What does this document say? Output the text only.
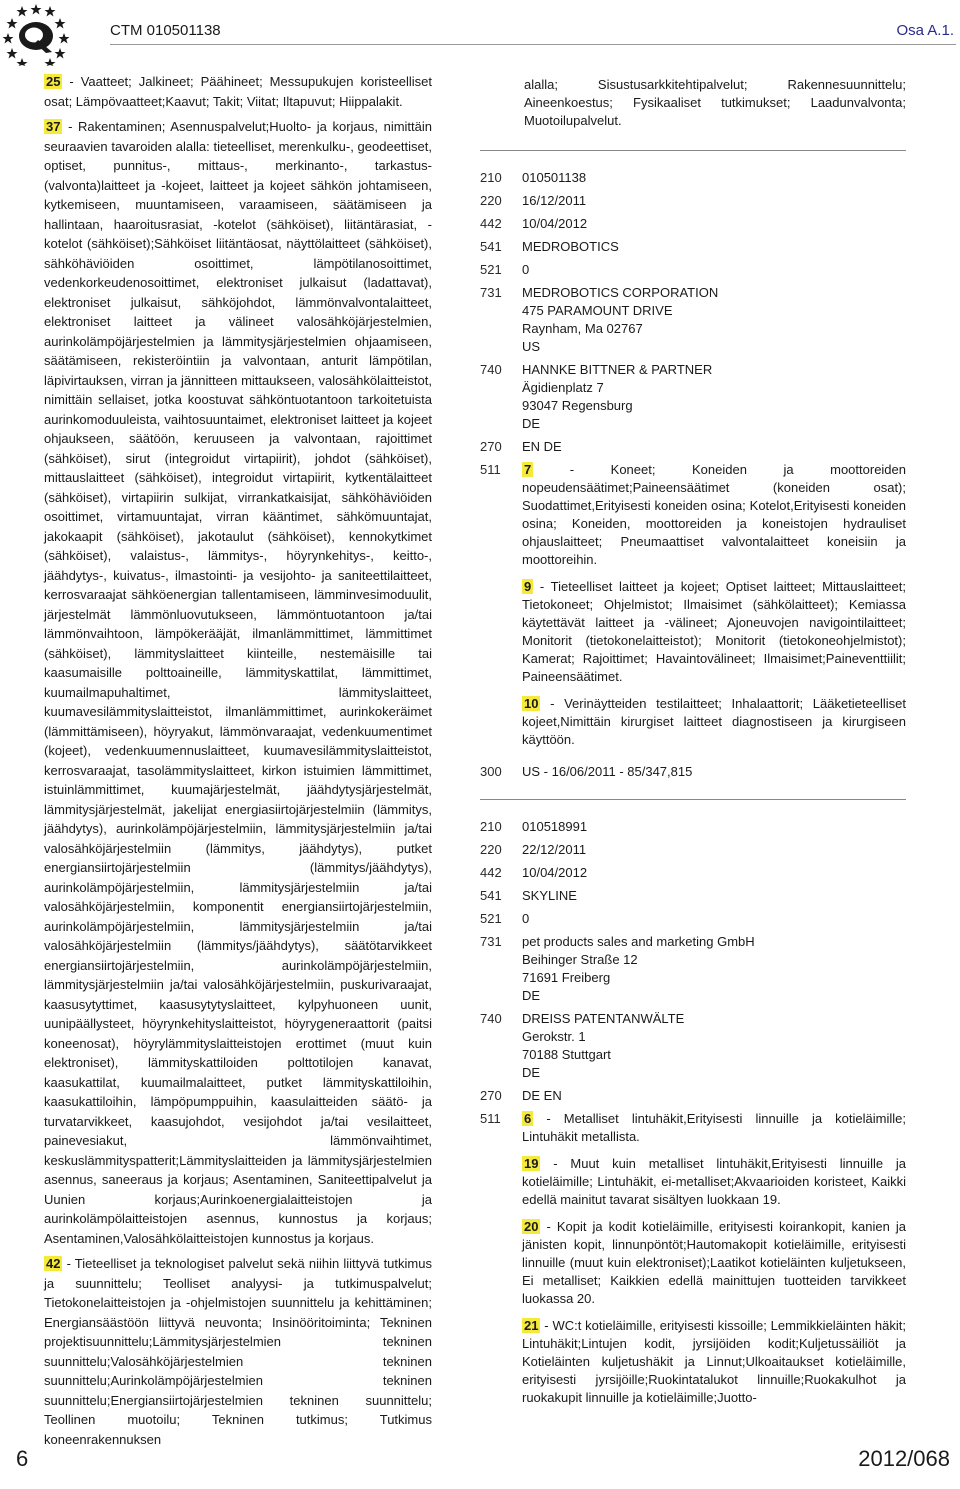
CTM 010501138	Osa A.1.

25 - Vaatteet; Jalkineet; Päähineet; Messupukujen koristeelliset osat; Lämpövaatteet;Kaavut; Takit; Viitat; Iltapuvut; Hiippalakit.

37 - Rakentaminen; Asennuspalvelut;Huolto- ja korjaus, nimittäin seuraavien tavaroiden alalla: tieteelliset, merenkulku-, geodeettiset, optiset, punnitus-, mittaus-, merkinanto-, tarkastus- (valvonta)laitteet ja -kojeet, laitteet ja kojeet sähkön johtamiseen, kytkemiseen, muuntamiseen, varaamiseen, säätämiseen ja hallintaan, haaroitusrasiat, -kotelot (sähköiset), liitäntärasiat, -kotelot (sähköiset);Sähköiset liitäntäosat, näyttölaitteet (sähköiset), sähköhäviöiden osoittimet, lämpötilanosoittimet, vedenkorkeudenosoittimet, elektroniset julkaisut (ladattavat), elektroniset julkaisut, sähköjohdot, lämmönvalvontalaitteet, elektroniset laitteet ja välineet valosähköjärjestelmien, aurinkolämpöjärjestelmien ja lämmitysjärjestelmien ohjaamiseen, säätämiseen, rekisteröintiin ja valvontaan, anturit lämpötilan, läpivirtauksen, virran ja jännitteen mittaukseen, valosähkölaitteistot, nimittäin sellaiset, jotka koostuvat sähköntuotantoon tarkoitetuista aurinkomoduuleista, vaihtosuuntaimet, elektroniset laitteet ja kojeet ohjaukseen, säätöön, keruuseen ja valvontaan, rajoittimet (sähköiset), sirut (integroidut virtapiirit), johdot (sähköiset), mittauslaitteet (sähköiset), integroidut virtapiirit, kytkentälaitteet (sähköiset), virtapiirin sulkijat, virrankatkaisijat, sähköhäviöiden osoittimet, virtamuuntajat, virran kääntimet, sähkömuuntajat, jakokaapit (sähköiset), jakotaulut (sähköiset), kennokytkimet (sähköiset), valaistus-, lämmitys-, höyrynkehitys-, keitto-, jäähdytys-, kuivatus-, ilmastointi- ja vesijohto- ja saniteettilaitteet, kerrosvaraajat sähköenergian tallentamiseen, lämminvesimoduulit, järjestelmät lämmönluovutukseen, lämmöntuotantoon ja/tai lämmönvaihtoon, lämpökerääjät, ilmanlämmittimet, lämmittimet (sähköiset), lämmityslaitteet kiinteille, nestemäisille tai kaasumaisille polttoaineille, lämmityskattilat, lämmittimet, kuumailmapuhaltimet, lämmityslaitteet, kuumavesilämmityslaitteistot, ilmanlämmittimet, aurinkokeräimet (lämmittämiseen), höyryakut, lämmönvaraajat, vedenkuumentimet (kojeet), vedenkuumennuslaitteet, kuumavesilämmityslaitteistot, kerrosvaraajat, tasolämmityslaitteet, kirkon istuimien lämmittimet, istuinlämmittimet, kuumajärjestelmät, jäähdytysjärjestelmät, lämmitysjärjestelmät, jakelijat energiasiirtojärjestelmiin (lämmitys, jäähdytys), aurinkolämpöjärjestelmiin, lämmitysjärjestelmiin ja/tai valosähköjärjestelmiin (lämmitys, jäähdytys), putket energiansiirtojärjestelmiin (lämmitys/jäähdytys), aurinkolämpöjärjestelmiin, lämmitysjärjestelmiin ja/tai valosähköjärjestelmiin, komponentit energiansiirtojärjestelmiin, aurinkolämpöjärjestelmiin, lämmitysjärjestelmiin ja/tai valosähköjärjestelmiin (lämmitys/jäähdytys), säätötarvikkeet energiansiirtojärjestelmiin, aurinkolämpöjärjestelmiin, lämmitysjärjestelmiin ja/tai valosähköjärjestelmiin, puskurivaraajat, kaasusytyttimet, kaasusytytyslaitteet, kylpyhuoneen uunit, uunipäällysteet, höyrynkehityslaitteistot, höyrygeneraattorit (paitsi koneenosat), höyrylämmityslaitteistojen erottimet (muut kuin elektroniset), lämmityskattiloiden polttotilojen kanavat, kaasukattilat, kuumailmalaitteet, putket lämmityskattiloihin, kaasukattiloihin, lämpöpumppuihin, kaasulaitteiden säätö- ja turvatarvikkeet, kaasujohdot, vesijohdot ja/tai vesilaitteet, painevesiakut, lämmönvaihtimet, keskuslämmityspatterit;Lämmityslaitteiden ja lämmitysjärjestelmien asennus, saneeraus ja korjaus; Asentaminen, Saniteettipalvelut ja Uunien korjaus;Aurinkoenergialaitteistojen ja aurinkolämpölaitteistojen asennus, kunnostus ja korjaus; Asentaminen,Valosähkölaitteistojen kunnostus ja korjaus.

42 - Tieteelliset ja teknologiset palvelut sekä niihin liittyvä tutkimus ja suunnittelu; Teolliset analyysi- ja tutkimuspalvelut; Tietokonelaitteistojen ja -ohjelmistojen suunnittelu ja kehittäminen; Energiansäästöön liittyvä neuvonta; Insinööritoiminta; Tekninen projektisuunnittelu;Lämmitysjärjestelmien tekninen suunnittelu;Valosähköjärjestelmien tekninen suunnittelu;Aurinkolämpöjärjestelmien tekninen suunnittelu;Energiansiirtojärjestelmien tekninen suunnittelu; Teollinen muotoilu; Tekninen tutkimus; Tutkimus koneenrakennuksen

alalla; Sisustusarkkitehtipalvelut; Rakennesuunnittelu; Aineenkoestus; Fysikaaliset tutkimukset; Laadunvalvonta; Muotoilupalvelut.

210	010501138
220	16/12/2011
442	10/04/2012
541	MEDROBOTICS
521	0
731	MEDROBOTICS CORPORATION
475 PARAMOUNT DRIVE
Raynham, Ma 02767
US
740	HANNKE BITTNER & PARTNER
Ägidienplatz 7
93047 Regensburg
DE
270	EN DE
511	7	- Koneet; Koneiden ja moottoreiden nopeudensäätimet;Paineensäätimet (koneiden osat); Suodattimet,Erityisesti koneiden osina; Kotelot,Erityisesti koneiden osina; Koneiden, moottoreiden ja koneistojen hydrauliset ohjauslaitteet; Pneumaattiset valvontalaitteet koneisiin ja moottoreihin.

9 - Tieteelliset laitteet ja kojeet; Optiset laitteet; Mittauslaitteet; Tietokoneet; Ohjelmistot; Ilmaisimet (sähkölaitteet); Kemiassa käytettävät laitteet ja -välineet; Ajoneuvojen navigointilaitteet; Monitorit (tietokonelaitteistot); Monitorit (tietokoneohjelmistot); Kamerat; Rajoittimet; Havaintovälineet; Ilmaisimet;Paineventtiilit; Paineensäätimet.

10 - Verinäytteiden testilaitteet; Inhalaattorit; Lääketieteelliset kojeet,Nimittäin kirurgiset laitteet diagnostiseen ja kirurgiseen käyttöön.

300	US - 16/06/2011 - 85/347,815
210	010518991
220	22/12/2011
442	10/04/2012
541	SKYLINE
521	0
731	pet products sales and marketing GmbH
Beihinger Straße 12
71691 Freiberg
DE
740	DREISS PATENTANWÄLTE
Gerokstr. 1
70188 Stuttgart
DE
270	DE EN
511	6 - Metalliset lintuhäkit,Erityisesti linnuille ja kotieläimille; Lintuhäkit metallista.

19 - Muut kuin metalliset lintuhäkit,Erityisesti linnuille ja kotieläimille; Lintuhäkit, ei-metalliset;Akvaarioiden koristeet, Kaikki edellä mainitut tavarat sisältyen luokkaan 19.

20 - Kopit ja kodit kotieläimille, erityisesti koirankopit, kanien ja jänisten kopit, linnunpöntöt;Hautomakopit kotieläimille, erityisesti linnuille (muut kuin elektroniset);Laatikot kotieläinten kuljetukseen, Ei metalliset; Kaikkien edellä mainittujen tuotteiden tarvikkeet luokassa 20.

21 - WC:t kotieläimille, erityisesti kissoille; Lemmikkieläinten häkit; Lintuhäkit;Lintujen kodit, jyrsijöiden kodit;Kuljetussäiliöt ja Kotieläinten kuljetushäkit ja Linnut;Ulkoaitaukset kotieläimille, erityisesti jyrsijöille;Ruokintatalukot linnuille;Ruokakulhot ja ruokakupit linnuille ja kotieläimille;Juotto-

6	2012/068
